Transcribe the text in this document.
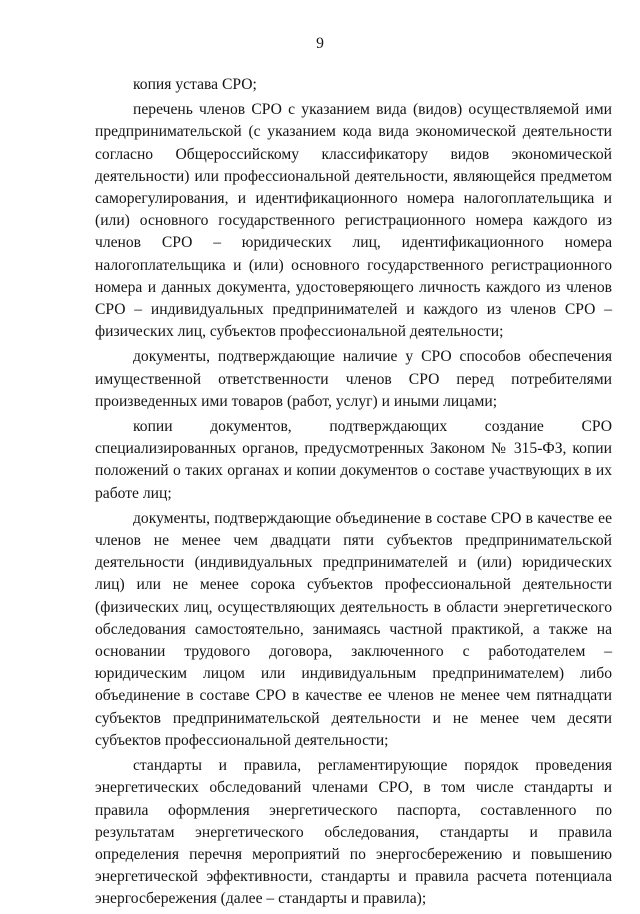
9

копия устава СРО;

перечень членов СРО с указанием вида (видов) осуществляемой ими предпринимательской (с указанием кода вида экономической деятельности согласно Общероссийскому классификатору видов экономической деятельности) или профессиональной деятельности, являющейся предметом саморегулирования, и идентификационного номера налогоплательщика и (или) основного государственного регистрационного номера каждого из членов СРО – юридических лиц, идентификационного номера налогоплательщика и (или) основного государственного регистрационного номера и данных документа, удостоверяющего личность каждого из членов СРО – индивидуальных предпринимателей и каждого из членов СРО – физических лиц, субъектов профессиональной деятельности;

документы, подтверждающие наличие у СРО способов обеспечения имущественной ответственности членов СРО перед потребителями произведенных ими товаров (работ, услуг) и иными лицами;

копии документов, подтверждающих создание СРО специализированных органов, предусмотренных Законом № 315-ФЗ, копии положений о таких органах и копии документов о составе участвующих в их работе лиц;

документы, подтверждающие объединение в составе СРО в качестве ее членов не менее чем двадцати пяти субъектов предпринимательской деятельности (индивидуальных предпринимателей и (или) юридических лиц) или не менее сорока субъектов профессиональной деятельности (физических лиц, осуществляющих деятельность в области энергетического обследования самостоятельно, занимаясь частной практикой, а также на основании трудового договора, заключенного с работодателем – юридическим лицом или индивидуальным предпринимателем) либо объединение в составе СРО в качестве ее членов не менее чем пятнадцати субъектов предпринимательской деятельности и не менее чем десяти субъектов профессиональной деятельности;

стандарты и правила, регламентирующие порядок проведения энергетических обследований членами СРО, в том числе стандарты и правила оформления энергетического паспорта, составленного по результатам энергетического обследования, стандарты и правила определения перечня мероприятий по энергосбережению и повышению энергетической эффективности, стандарты и правила расчета потенциала энергосбережения (далее – стандарты и правила);
